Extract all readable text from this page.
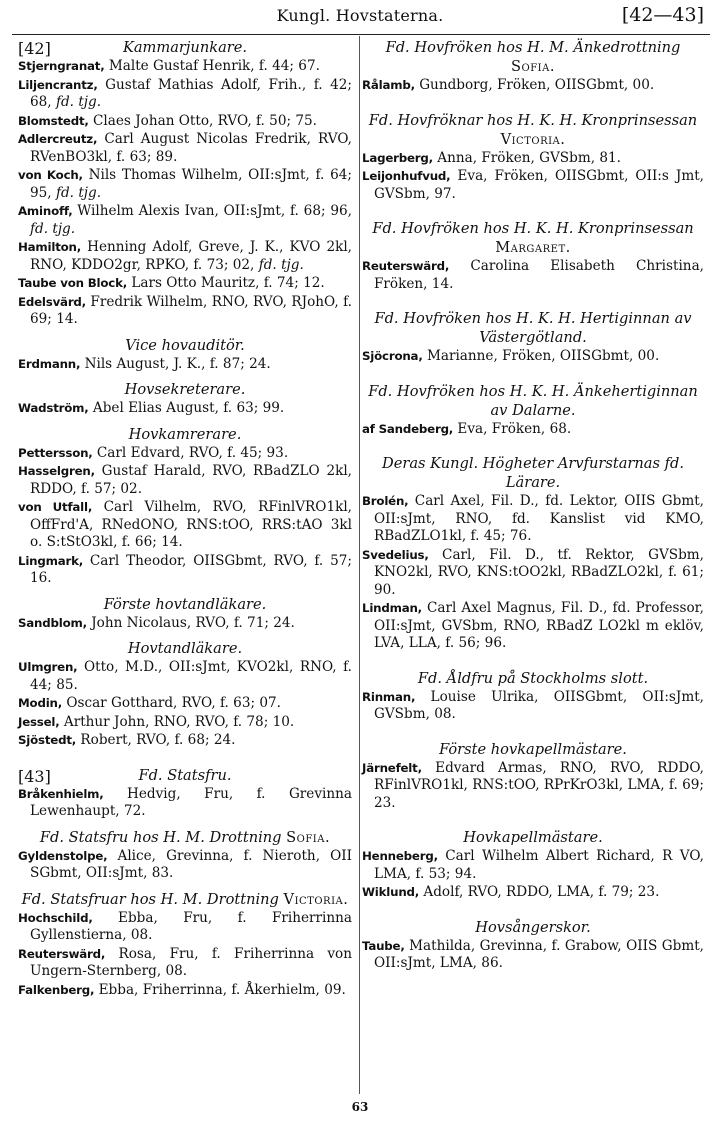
Kungl. Hovstaterna.	[42—43]
[42]	Kammarjunkare.

Stjerngranat, Malte Gustaf Henrik, f. 44; 67.

Liljencrantz, Gustaf Mathias Adolf, Frih., f. 42; 68, fd. tjg.

Blomstedt, Claes Johan Otto, RVO, f. 50; 75.

Adlercreutz, Carl August Nicolas Fredrik, RVO, RVenBO3kl, f. 63; 89.

von Koch, Nils Thomas Wilhelm, OII:sJmt, f. 64; 95, fd. tjg.

Aminoff, Wilhelm Alexis Ivan, OII:sJmt, f. 68; 96, fd. tjg.

Hamilton, Henning Adolf, Greve, J. K., KVO 2kl, RNO, KDDO2gr, RPKO, f. 73; 02, fd. tjg.

Taube von Block, Lars Otto Mauritz, f. 74; 12.

Edelsvärd, Fredrik Wilhelm, RNO, RVO, RJohO, f. 69; 14.

Vice hovauditör.

Erdmann, Nils August, J. K., f. 87; 24.

Hovsekreterare.

Wadström, Abel Elias August, f. 63; 99.

Hovkamrerare.

Pettersson, Carl Edvard, RVO, f. 45; 93.

Hasselgren, Gustaf Harald, RVO, RBadZLO 2kl, RDDO, f. 57; 02.

von Utfall, Carl Vilhelm, RVO, RFinlVRO1kl, OffFrd'A, RNedONO, RNS:tOO, RRS:tAO 3kl o. S:tStO3kl, f. 66; 14.

Lingmark, Carl Theodor, OIISGbmt, RVO, f. 57; 16.

Förste hovtandläkare.

Sandblom, John Nicolaus, RVO, f. 71; 24.

Hovtandläkare.

Ulmgren, Otto, M.D., OII:sJmt, KVO2kl, RNO, f. 44; 85.

Modin, Oscar Gotthard, RVO, f. 63; 07.

Jessel, Arthur John, RNO, RVO, f. 78; 10.

Sjöstedt, Robert, RVO, f. 68; 24.

[43]	Fd. Statsfru.

Bråkenhielm, Hedvig, Fru, f. Grevinna Lewenhaupt, 72.

Fd. Statsfru hos H. M. Drottning Sofia.

Gyldenstolpe, Alice, Grevinna, f. Nieroth, OII SGbmt, OII:sJmt, 83.

Fd. Statsfruar hos H. M. Drottning Victoria.

Hochschild, Ebba, Fru, f. Friherrinna Gyllenstierna, 08.

Reuterswärd, Rosa, Fru, f. Friherrinna von Ungern-Sternberg, 08.

Falkenberg, Ebba, Friherrinna, f. Åkerhielm, 09.

Fd. Hovfröken hos H. M. Änkedrottning Sofia.

Rålamb, Gundborg, Fröken, OIISGbmt, 00.

Fd. Hovfröknar hos H. K. H. Kronprinsessan Victoria.

Lagerberg, Anna, Fröken, GVSbm, 81.

Leijonhufvud, Eva, Fröken, OIISGbmt, OII:s Jmt, GVSbm, 97.

Fd. Hovfröken hos H. K. H. Kronprinsessan Margaret.

Reuterswärd, Carolina Elisabeth Christina, Fröken, 14.

Fd. Hovfröken hos H. K. H. Hertiginnan av Västergötland.

Sjöcrona, Marianne, Fröken, OIISGbmt, 00.

Fd. Hovfröken hos H. K. H. Änkehertiginnan av Dalarne.

af Sandeberg, Eva, Fröken, 68.

Deras Kungl. Högheter Arvfurstarnas fd. Lärare.

Brolén, Carl Axel, Fil. D., fd. Lektor, OIIS Gbmt, OII:sJmt, RNO, fd. Kanslist vid KMO, RBadZLO1kl, f. 45; 76.

Svedelius, Carl, Fil. D., tf. Rektor, GVSbm, KNO2kl, RVO, KNS:tOO2kl, RBadZLO2kl, f. 61; 90.

Lindman, Carl Axel Magnus, Fil. D., fd. Professor, OII:sJmt, GVSbm, RNO, RBadZ LO2kl m eklöv, LVA, LLA, f. 56; 96.

Fd. Åldfru på Stockholms slott.

Rinman, Louise Ulrika, OIISGbmt, OII:sJmt, GVSbm, 08.

Förste hovkapellmästare.

Järnefelt, Edvard Armas, RNO, RVO, RDDO, RFinlVRO1kl, RNS:tOO, RPrKrO3kl, LMA, f. 69; 23.

Hovkapellmästare.

Henneberg, Carl Wilhelm Albert Richard, R VO, LMA, f. 53; 94.

Wiklund, Adolf, RVO, RDDO, LMA, f. 79; 23.

Hovsångerskor.

Taube, Mathilda, Grevinna, f. Grabow, OIIS Gbmt, OII:sJmt, LMA, 86.

63
